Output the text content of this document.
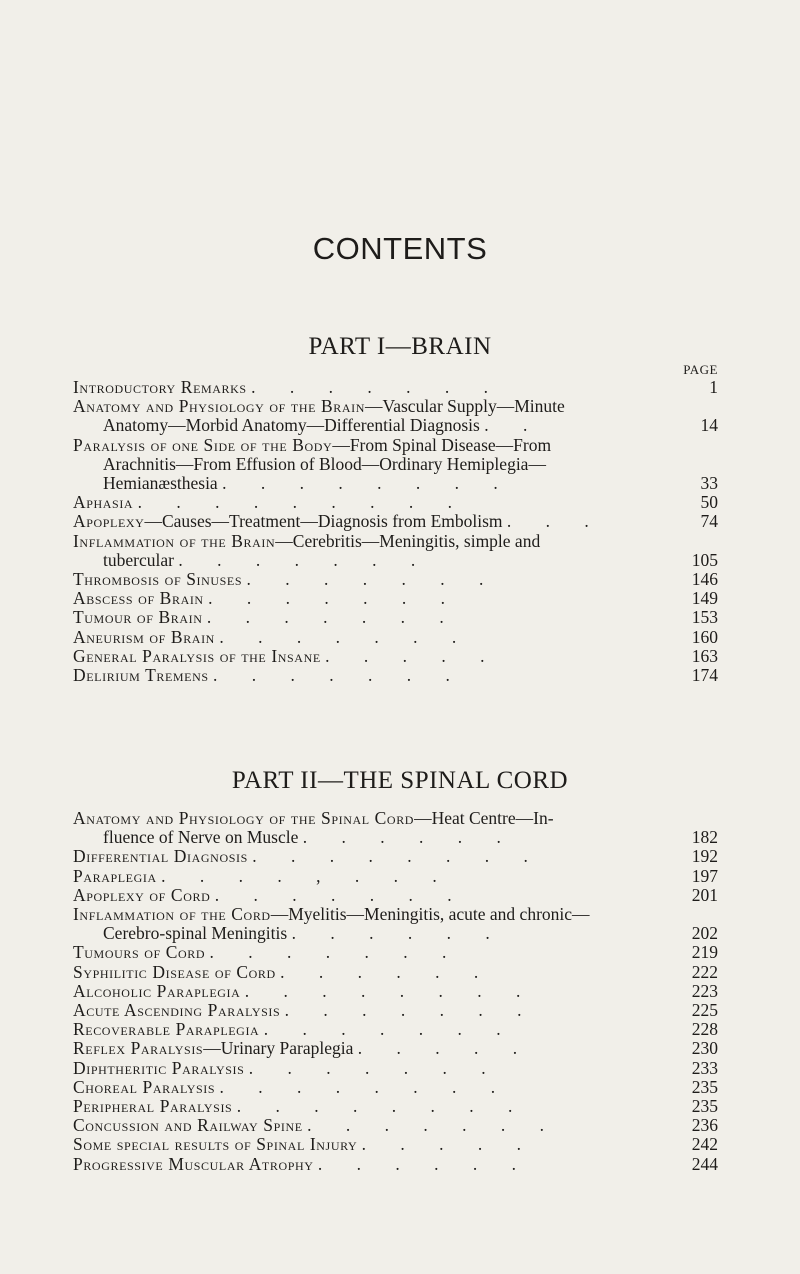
CONTENTS
PART I—BRAIN
PAGE
Introductory Remarks . . . . . . .	1
Anatomy and Physiology of the Brain—Vascular Supply—Minute
Anatomy—Morbid Anatomy—Differential Diagnosis . .	14
Paralysis of one Side of the Body—From Spinal Disease—From
Arachnitis—From Effusion of Blood—Ordinary Hemiplegia—
Hemianæsthesia . . . . . . . .	33
Aphasia . . . . . . . . .	50
Apoplexy—Causes—Treatment—Diagnosis from Embolism . . .	74
Inflammation of the Brain—Cerebritis—Meningitis, simple and
tubercular . . . . . . .	105
Thrombosis of Sinuses . . . . . . .	146
Abscess of Brain . . . . . . .	149
Tumour of Brain . . . . . . .	153
Aneurism of Brain . . . . . . .	160
General Paralysis of the Insane . . . . .	163
Delirium Tremens . . . . . . .	174
PART II—THE SPINAL CORD
Anatomy and Physiology of the Spinal Cord—Heat Centre—In-
fluence of Nerve on Muscle . . . . . .	182
Differential Diagnosis . . . . . . . .	192
Paraplegia . . . . , . . .	197
Apoplexy of Cord . . . . . . .	201
Inflammation of the Cord—Myelitis—Meningitis, acute and chronic—
Cerebro-spinal Meningitis . . . . . .	202
Tumours of Cord . . . . . . .	219
Syphilitic Disease of Cord . . . . . .	222
Alcoholic Paraplegia . . . . . . . .	223
Acute Ascending Paralysis . . . . . . .	225
Recoverable Paraplegia . . . . . . .	228
Reflex Paralysis—Urinary Paraplegia . . . . .	230
Diphtheritic Paralysis . . . . . . .	233
Choreal Paralysis . . . . . . . .	235
Peripheral Paralysis . . . . . . . .	235
Concussion and Railway Spine . . . . . . .	236
Some special results of Spinal Injury . . . . .	242
Progressive Muscular Atrophy . . . . . .	244
